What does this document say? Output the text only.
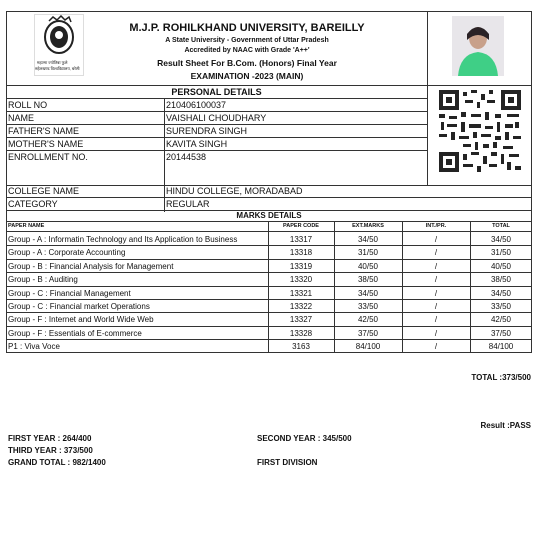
महात्मा ज्योतिबा फुले
रुहेलखण्ड विश्वविद्यालय, बरेली
M.J.P. ROHILKHAND UNIVERSITY, BAREILLY
A State University - Government of Uttar Pradesh
Accredited by NAAC with Grade 'A++'
Result Sheet For B.Com. (Honors) Final Year
EXAMINATION -2023 (MAIN)
PERSONAL DETAILS
ROLL NO	210406100037
NAME	VAISHALI CHOUDHARY
FATHER'S NAME	SURENDRA SINGH
MOTHER'S NAME	KAVITA SINGH
ENROLLMENT NO.	20144538
COLLEGE NAME	HINDU COLLEGE, MORADABAD
CATEGORY	REGULAR
MARKS DETAILS
PAPER NAME	PAPER CODE	EXT.MARKS	INT./PR.	TOTAL
Group - A : Informatin Technology and Its Application to Business	13317	34/50	/	34/50
Group - A : Corporate Accounting	13318	31/50	/	31/50
Group - B : Financial Analysis for Management	13319	40/50	/	40/50
Group - B : Auditing	13320	38/50	/	38/50
Group - C : Financial Management	13321	34/50	/	34/50
Group - C : Financial market Operations	13322	33/50	/	33/50
Group - F : Internet and World Wide Web	13327	42/50	/	42/50
Group - F : Essentials of E-commerce	13328	37/50	/	37/50
P1 : Viva Voce	3163	84/100	/	84/100
TOTAL :373/500
Result :PASS
FIRST YEAR : 264/400	SECOND YEAR : 345/500
THIRD YEAR : 373/500
GRAND TOTAL : 982/1400	FIRST DIVISION
